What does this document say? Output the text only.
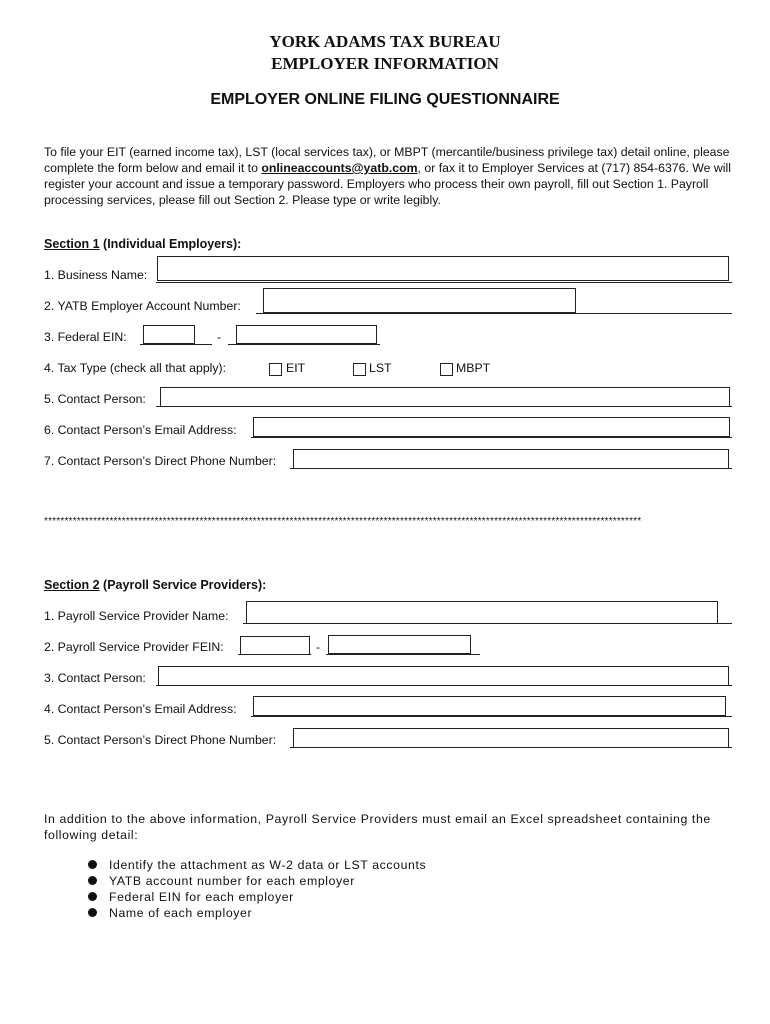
YORK ADAMS TAX BUREAU
EMPLOYER INFORMATION
EMPLOYER ONLINE FILING QUESTIONNAIRE
To file your EIT (earned income tax), LST (local services tax), or MBPT (mercantile/business privilege tax) detail online, please complete the form below and email it to onlineaccounts@yatb.com, or fax it to Employer Services at (717) 854-6376. We will register your account and issue a temporary password. Employers who process their own payroll, fill out Section 1. Payroll processing services, please fill out Section 2. Please type or write legibly.
Section 1 (Individual Employers):
1. Business Name:
2. YATB Employer Account Number:
3. Federal EIN:	-
4. Tax Type (check all that apply):	EIT	LST	MBPT
5. Contact Person:
6. Contact Person’s Email Address:
7. Contact Person’s Direct Phone Number:
**************************************************************************************************************************************************
Section 2 (Payroll Service Providers):
1. Payroll Service Provider Name:
2. Payroll Service Provider FEIN:	-
3. Contact Person:
4. Contact Person’s Email Address:
5. Contact Person’s Direct Phone Number:
In addition to the above information, Payroll Service Providers must email an Excel spreadsheet containing the following detail:
Identify the attachment as W-2 data or LST accounts
YATB account number for each employer
Federal EIN for each employer
Name of each employer
